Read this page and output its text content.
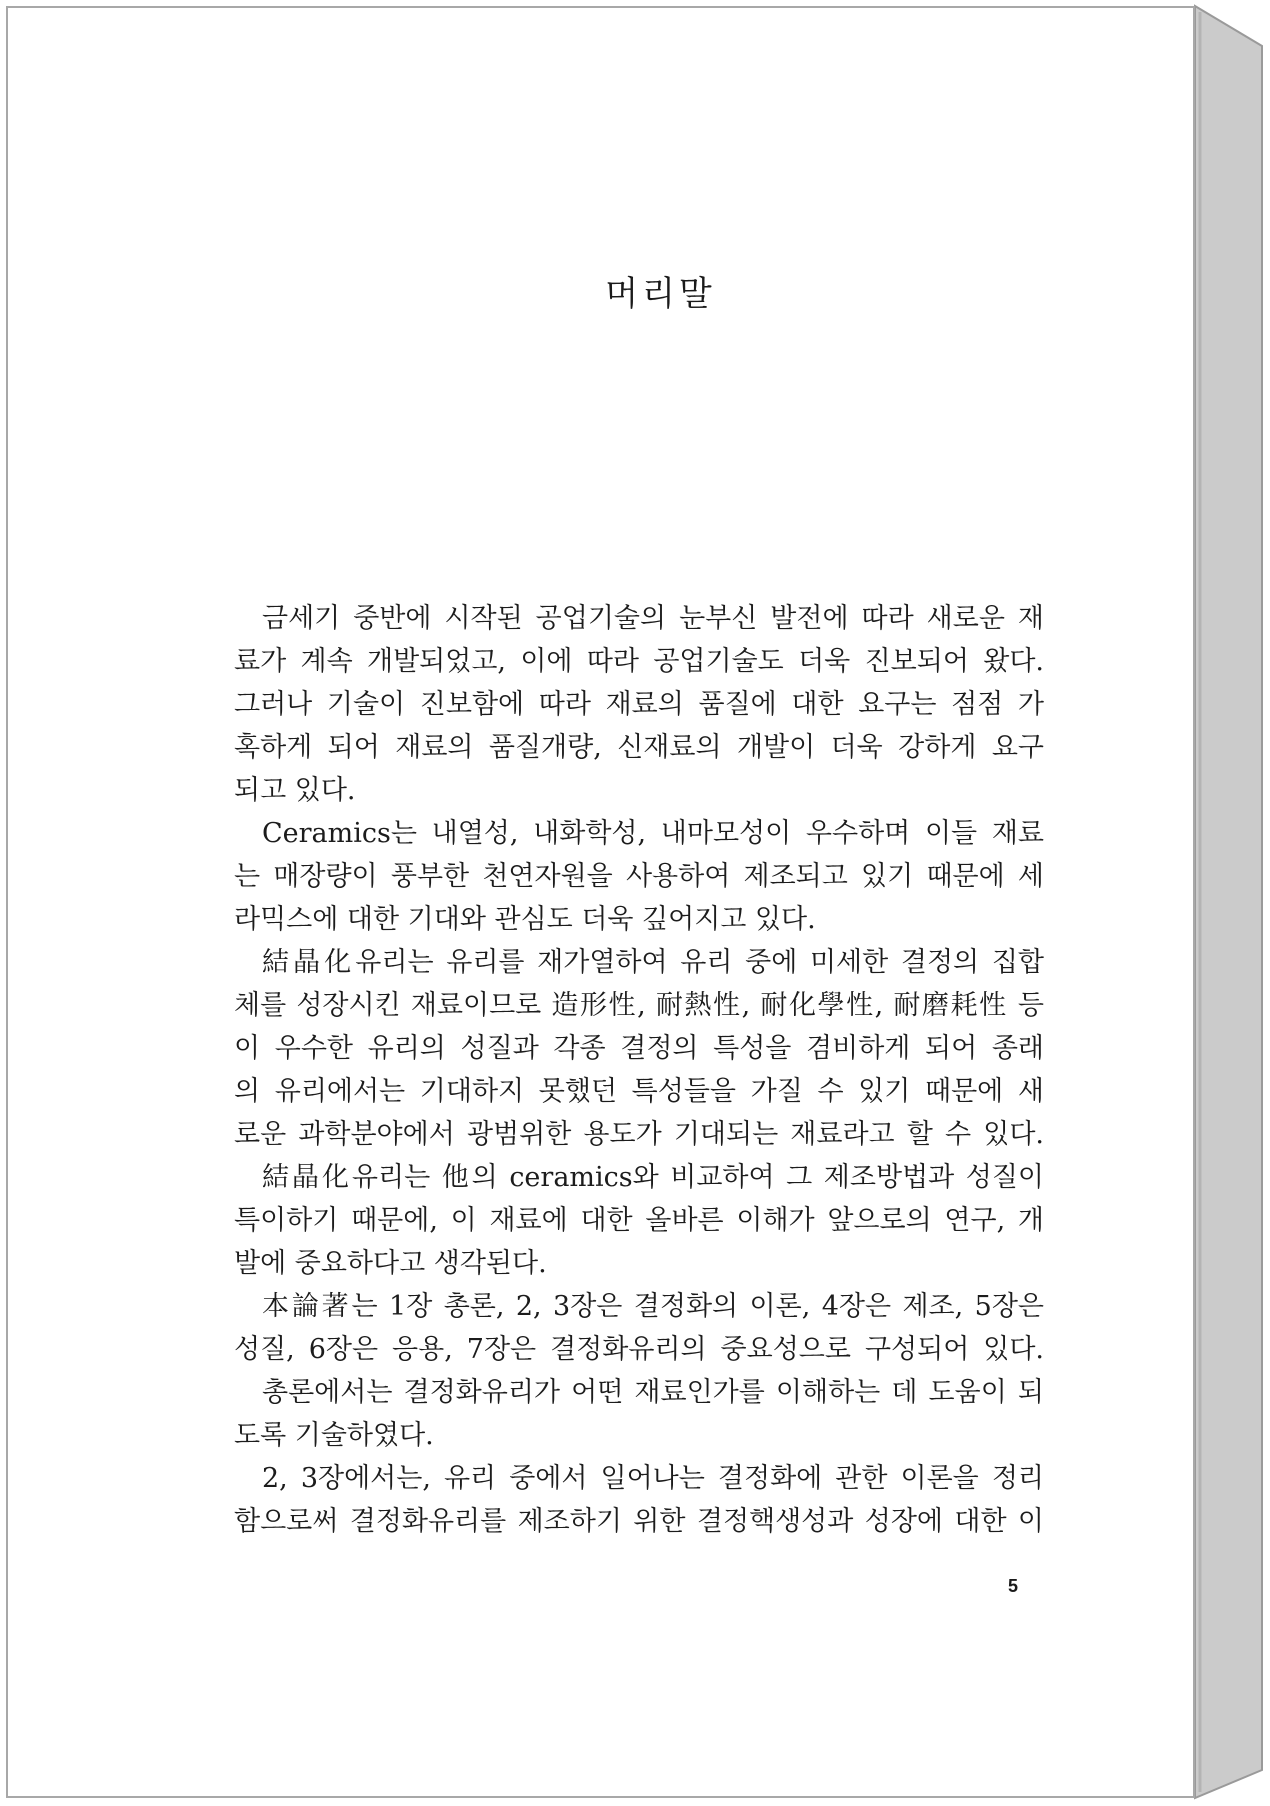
머리말
금세기 중반에 시작된 공업기술의 눈부신 발전에 따라 새로운 재
료가 계속 개발되었고, 이에 따라 공업기술도 더욱 진보되어 왔다.
그러나 기술이 진보함에 따라 재료의 품질에 대한 요구는 점점 가
혹하게 되어 재료의 품질개량, 신재료의 개발이 더욱 강하게 요구
되고 있다.
Ceramics는 내열성, 내화학성, 내마모성이 우수하며 이들 재료
는 매장량이 풍부한 천연자원을 사용하여 제조되고 있기 때문에 세
라믹스에 대한 기대와 관심도 더욱 깊어지고 있다.
結晶化유리는 유리를 재가열하여 유리 중에 미세한 결정의 집합
체를 성장시킨 재료이므로 造形性, 耐熱性, 耐化學性, 耐磨耗性 등
이 우수한 유리의 성질과 각종 결정의 특성을 겸비하게 되어 종래
의 유리에서는 기대하지 못했던 특성들을 가질 수 있기 때문에 새
로운 과학분야에서 광범위한 용도가 기대되는 재료라고 할 수 있다.
結晶化유리는 他의 ceramics와 비교하여 그 제조방법과 성질이
특이하기 때문에, 이 재료에 대한 올바른 이해가 앞으로의 연구, 개
발에 중요하다고 생각된다.
本論著는 1장 총론, 2, 3장은 결정화의 이론, 4장은 제조, 5장은
성질, 6장은 응용, 7장은 결정화유리의 중요성으로 구성되어 있다.
총론에서는 결정화유리가 어떤 재료인가를 이해하는 데 도움이 되
도록 기술하였다.
2, 3장에서는, 유리 중에서 일어나는 결정화에 관한 이론을 정리
함으로써 결정화유리를 제조하기 위한 결정핵생성과 성장에 대한 이
5
